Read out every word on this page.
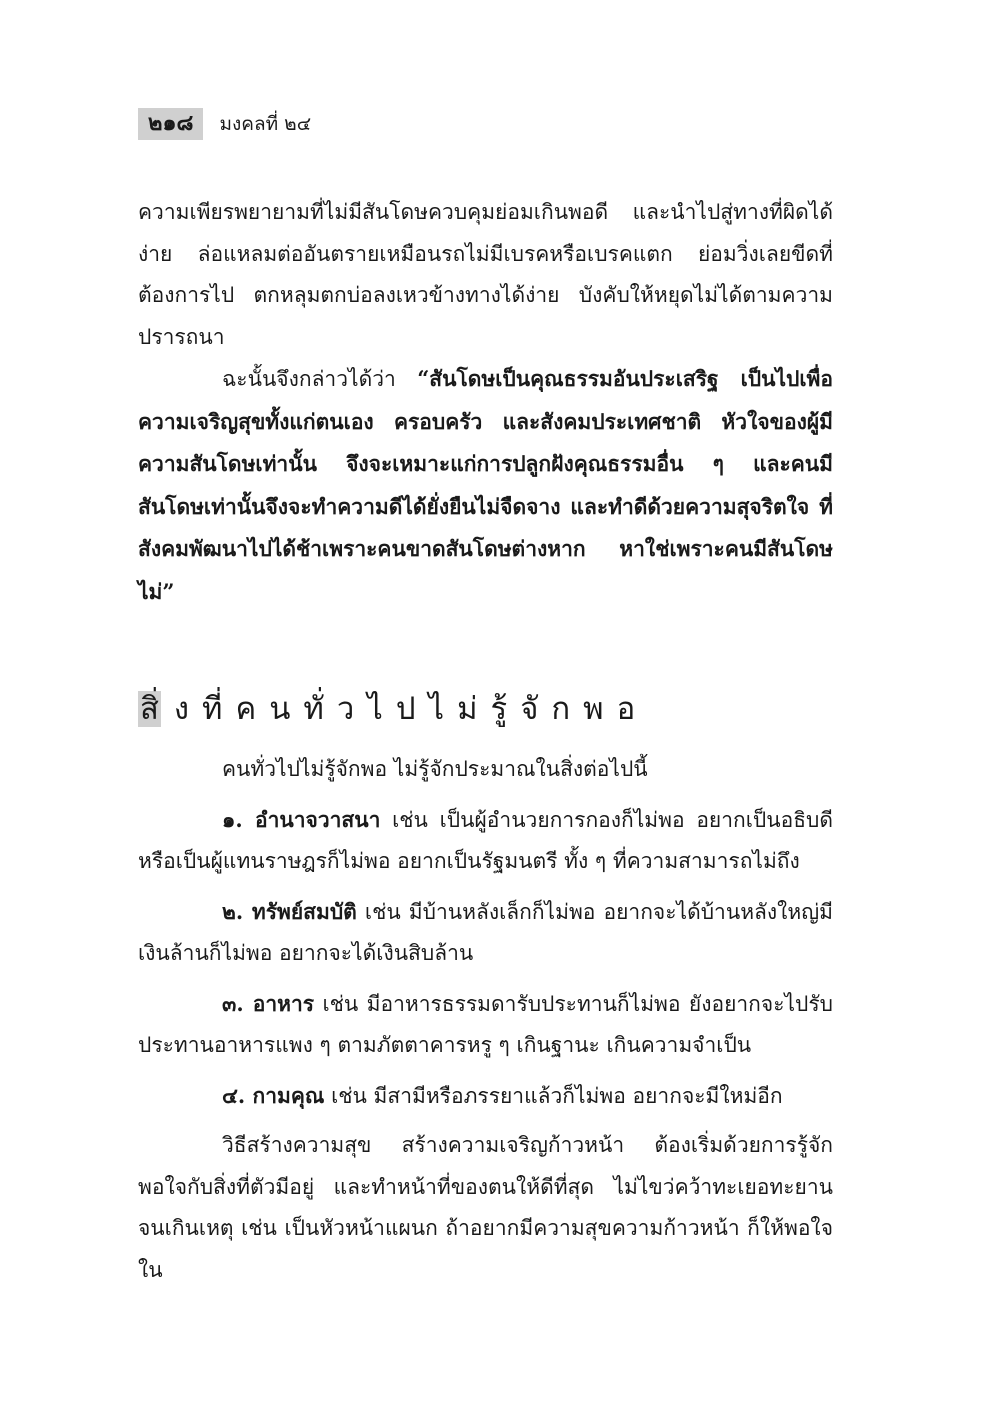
๒๑๘	มงคลที่ ๒๔

ความเพียรพยายามที่ไม่มีสันโดษควบคุมย่อมเกินพอดี และนำไปสู่ทางที่ผิดได้ง่าย ล่อแหลมต่ออันตรายเหมือนรถไม่มีเบรคหรือเบรคแตก ย่อมวิ่งเลยขีดที่ต้องการไป ตกหลุมตกบ่อลงเหวข้างทางได้ง่าย บังคับให้หยุดไม่ได้ตามความปรารถนา

ฉะนั้นจึงกล่าวได้ว่า “สันโดษเป็นคุณธรรมอันประเสริฐ เป็นไปเพื่อความเจริญสุขทั้งแก่ตนเอง ครอบครัว และสังคมประเทศชาติ หัวใจของผู้มีความสันโดษเท่านั้น จึงจะเหมาะแก่การปลูกฝังคุณธรรมอื่น ๆ และคนมีสันโดษเท่านั้นจึงจะทำความดีได้ยั่งยืนไม่จืดจาง และทำดีด้วยความสุจริตใจ ที่สังคมพัฒนาไปได้ช้าเพราะคนขาดสันโดษต่างหาก หาใช่เพราะคนมีสันโดษไม่”

สิ่ งที่คนทั่วไปไม่รู้จักพอ

คนทั่วไปไม่รู้จักพอ ไม่รู้จักประมาณในสิ่งต่อไปนี้

๑. อำนาจวาสนา เช่น เป็นผู้อำนวยการกองก็ไม่พอ อยากเป็นอธิบดีหรือเป็นผู้แทนราษฎรก็ไม่พอ อยากเป็นรัฐมนตรี ทั้ง ๆ ที่ความสามารถไม่ถึง

๒. ทรัพย์สมบัติ เช่น มีบ้านหลังเล็กก็ไม่พอ อยากจะได้บ้านหลังใหญ่มีเงินล้านก็ไม่พอ อยากจะได้เงินสิบล้าน

๓. อาหาร เช่น มีอาหารธรรมดารับประทานก็ไม่พอ ยังอยากจะไปรับประทานอาหารแพง ๆ ตามภัตตาคารหรู ๆ เกินฐานะ เกินความจำเป็น

๔. กามคุณ เช่น มีสามีหรือภรรยาแล้วก็ไม่พอ อยากจะมีใหม่อีก

วิธีสร้างความสุข สร้างความเจริญก้าวหน้า ต้องเริ่มด้วยการรู้จักพอใจกับสิ่งที่ตัวมีอยู่ และทำหน้าที่ของตนให้ดีที่สุด ไม่ไขว่คว้าทะเยอทะยานจนเกินเหตุ เช่น เป็นหัวหน้าแผนก ถ้าอยากมีความสุขความก้าวหน้า ก็ให้พอใจใน
